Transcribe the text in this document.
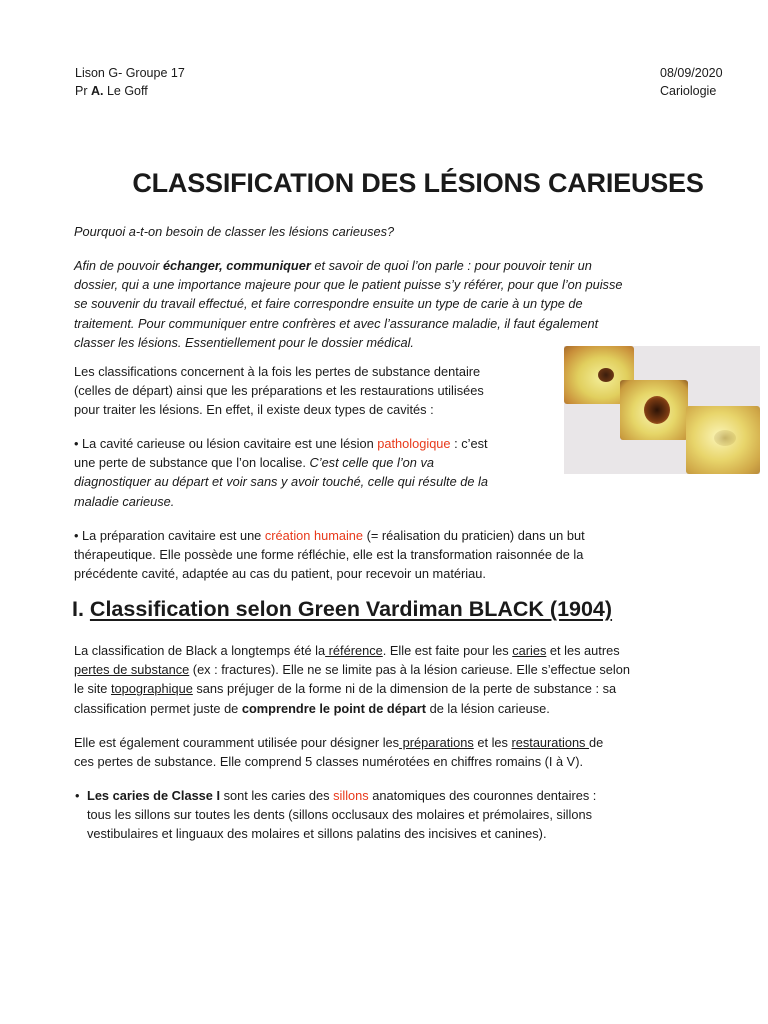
Lison G- Groupe 17
Pr A. Le Goff
08/09/2020
Cariologie
CLASSIFICATION DES LÉSIONS CARIEUSES
Pourquoi a-t-on besoin de classer les lésions carieuses?
Afin de pouvoir échanger, communiquer et savoir de quoi l’on parle : pour pouvoir tenir un
dossier, qui a une importance majeure pour que le patient puisse s’y référer, pour que l’on puisse
se souvenir du travail effectué, et faire correspondre ensuite un type de carie à un type de
traitement. Pour communiquer entre confrères et avec l’assurance maladie, il faut également
classer les lésions. Essentiellement pour le dossier médical.
Les classifications concernent à la fois les pertes de substance dentaire
(celles de départ) ainsi que les préparations et les restaurations utilisées
pour traiter les lésions. En effet, il existe deux types de cavités :
• La cavité carieuse ou lésion cavitaire est une lésion pathologique : c’est
une perte de substance que l’on localise. C’est celle que l’on va
diagnostiquer au départ et voir sans y avoir touché, celle qui résulte de la
maladie carieuse.
• La préparation cavitaire est une création humaine (= réalisation du praticien) dans un but
thérapeutique. Elle possède une forme réfléchie, elle est la transformation raisonnée de la
précédente cavité, adaptée au cas du patient, pour recevoir un matériau.
I. Classification selon Green Vardiman BLACK (1904)
La classification de Black a longtemps été la référence. Elle est faite pour les caries et les autres
pertes de substance (ex : fractures). Elle ne se limite pas à la lésion carieuse. Elle s’effectue selon
le site topographique sans préjuger de la forme ni de la dimension de la perte de substance : sa
classification permet juste de comprendre le point de départ de la lésion carieuse.
Elle est également couramment utilisée pour désigner les préparations et les restaurations de
ces pertes de substance. Elle comprend 5 classes numérotées en chiffres romains (I à V).
• Les caries de Classe I sont les caries des sillons anatomiques des couronnes dentaires :
tous les sillons sur toutes les dents (sillons occlusaux des molaires et prémolaires, sillons
vestibulaires et linguaux des molaires et sillons palatins des incisives et canines).
